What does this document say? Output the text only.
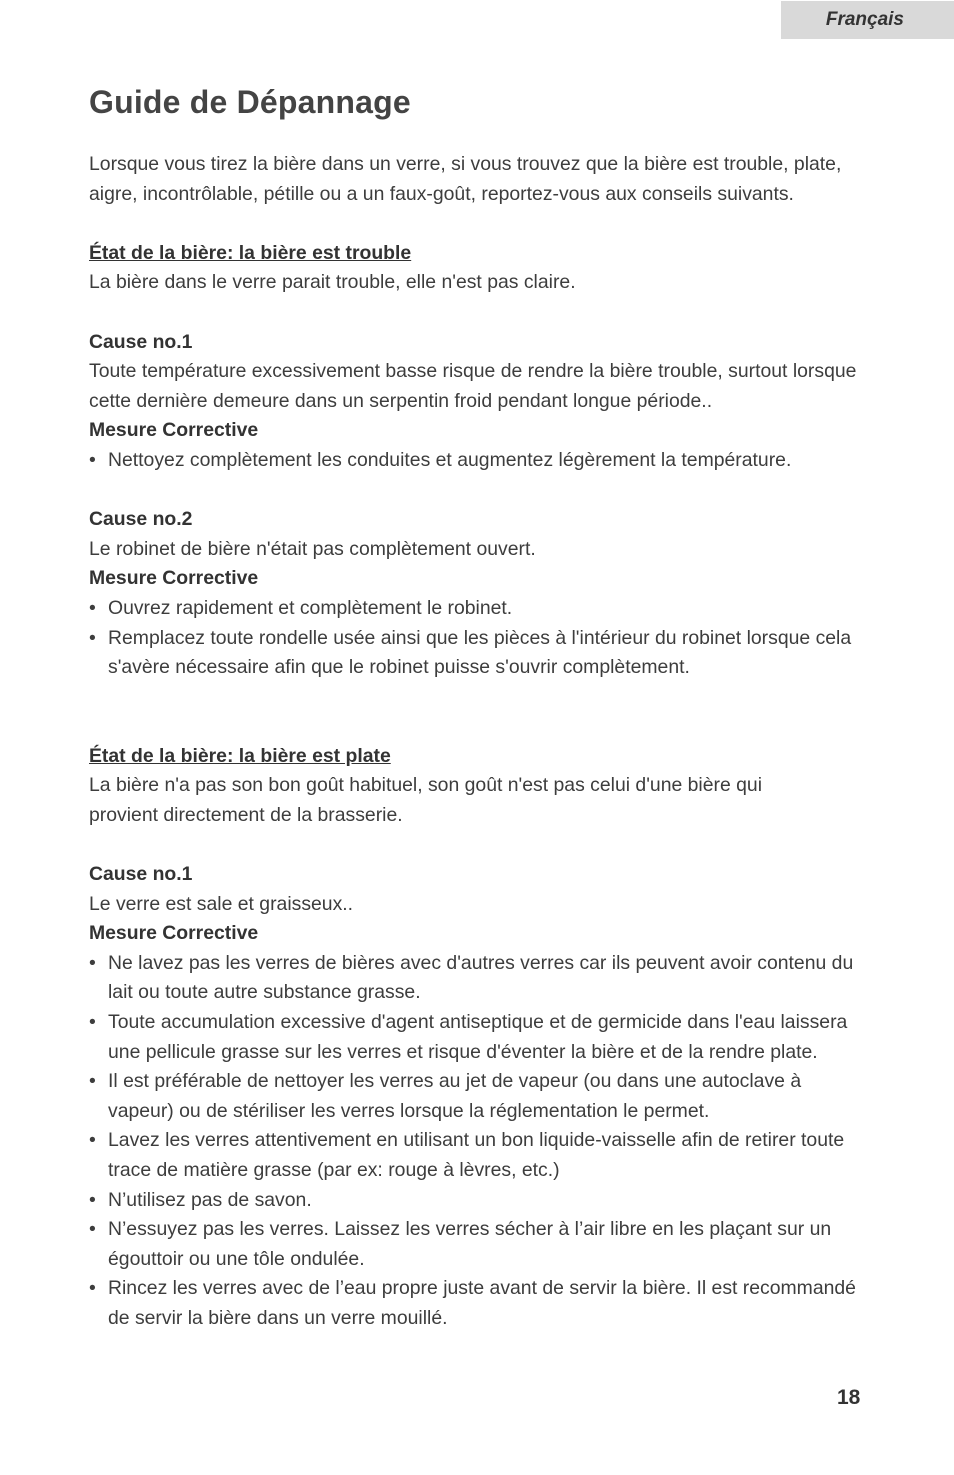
Français
Guide de Dépannage

Lorsque vous tirez la bière dans un verre, si vous trouvez que la bière est trouble, plate, aigre, incontrôlable, pétille ou a un faux-goût, reportez-vous aux conseils suivants.

État de la bière: la bière est trouble

La bière dans le verre parait trouble, elle n'est pas claire.

Cause no.1

Toute température excessivement basse risque de rendre la bière trouble, surtout lorsque cette dernière demeure dans un serpentin froid pendant longue période..

Mesure Corrective

• Nettoyez complètement les conduites et augmentez légèrement la température.

Cause no.2

Le robinet de bière n'était pas complètement ouvert.

Mesure Corrective

• Ouvrez rapidement et complètement le robinet.
• Remplacez toute rondelle usée ainsi que les pièces à l'intérieur du robinet lorsque cela s'avère nécessaire afin que le robinet puisse s'ouvrir complètement.

État de la bière: la bière est plate

La bière n'a pas son bon goût habituel, son goût n'est pas celui d'une bière qui provient directement de la brasserie.

Cause no.1

Le verre est sale et graisseux..

Mesure Corrective

• Ne lavez pas les verres de bières avec d'autres verres car ils peuvent avoir contenu du lait ou toute autre substance grasse.
• Toute accumulation excessive d'agent antiseptique et de germicide dans l'eau laissera une pellicule grasse sur les verres et risque d'éventer la bière et de la rendre plate.
• Il est préférable de nettoyer les verres au jet de vapeur (ou dans une autoclave à vapeur) ou de stériliser les verres lorsque la réglementation le permet.
• Lavez les verres attentivement en utilisant un bon liquide-vaisselle afin de retirer toute trace de matière grasse (par ex: rouge à lèvres, etc.)
• N’utilisez pas de savon.
• N’essuyez pas les verres. Laissez les verres sécher à l’air libre en les plaçant sur un égouttoir ou une tôle ondulée.
• Rincez les verres avec de l’eau propre juste avant de servir la bière. Il est recommandé de servir la bière dans un verre mouillé.
18
